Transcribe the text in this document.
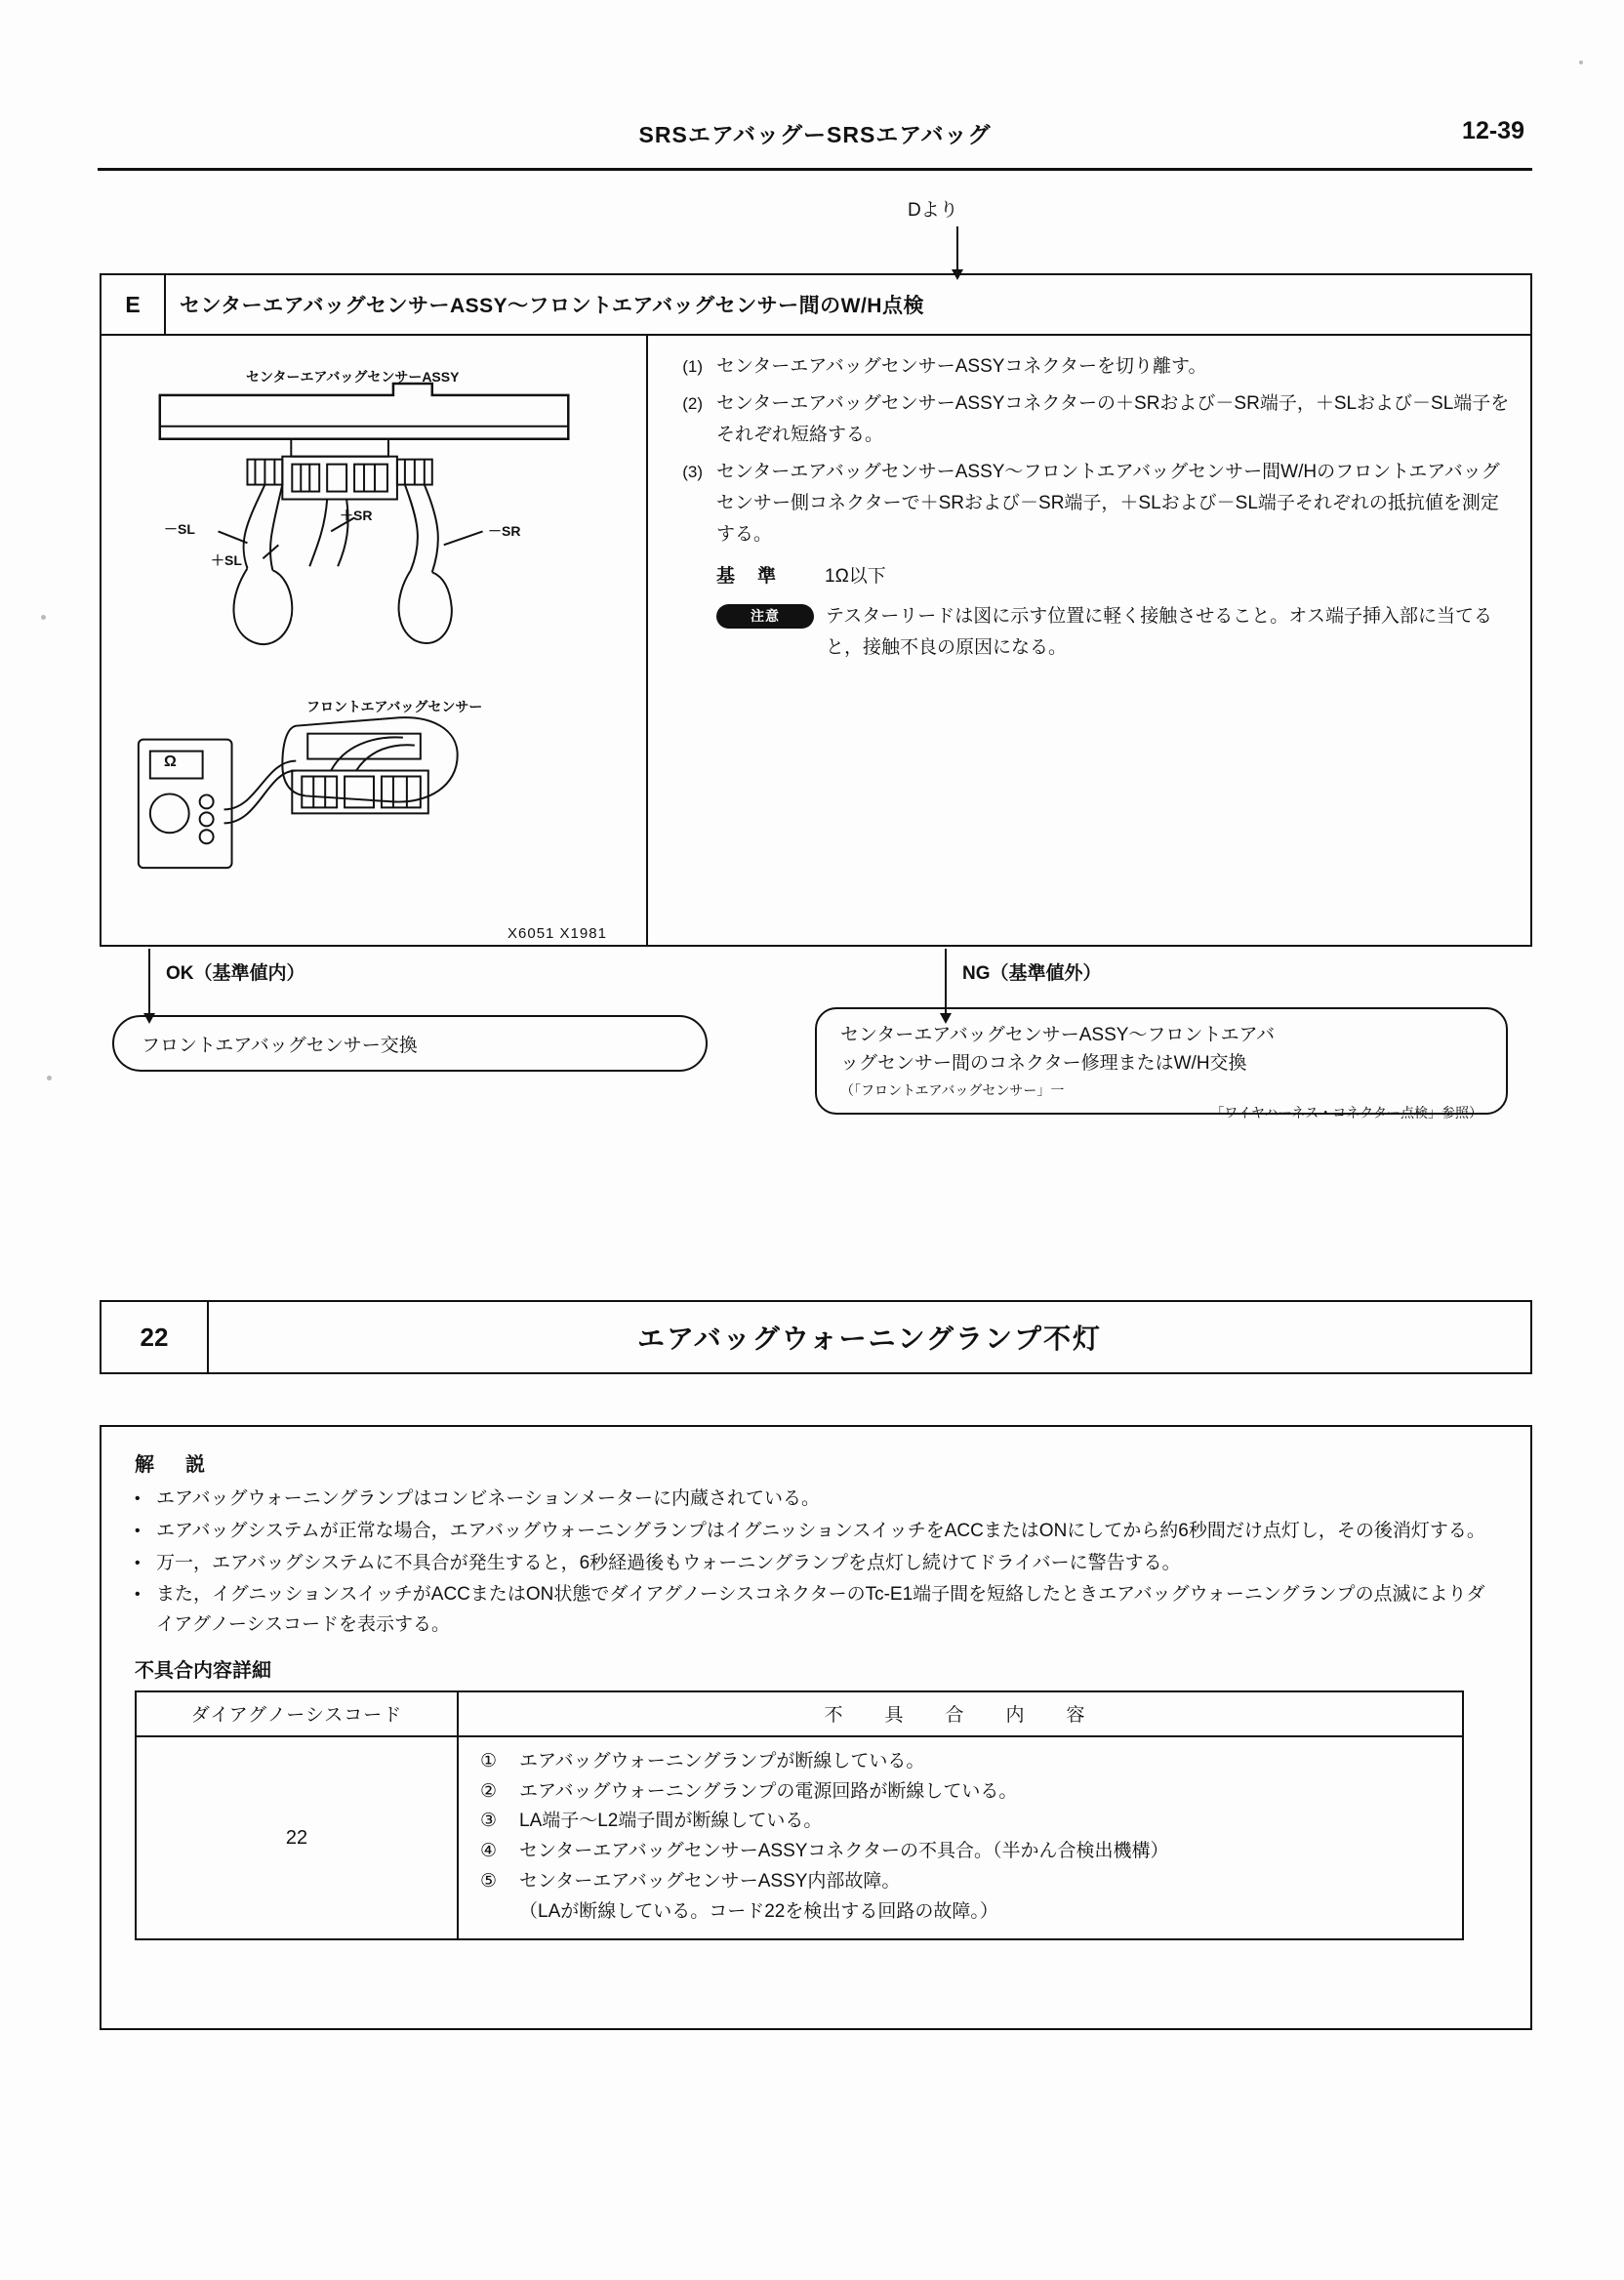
SRSエアバッグーSRSエアバッグ	12-39
Dより
E	センターエアバッグセンサーASSY～フロントエアバッグセンサー間のW/H点検
センターエアバッグセンサーASSY
－SL
＋SR
－SR
＋SL
フロントエアバッグセンサー
Ω
(1) センターエアバッグセンサーASSYコネクターを切り離す。
(2) センターエアバッグセンサーASSYコネクターの＋SRおよび－SR端子，＋SLおよび－SL端子をそれぞれ短絡する。
(3) センターエアバッグセンサーASSY～フロントエアバッグセンサー間W/Hのフロントエアバッグセンサー側コネクターで＋SRおよび－SR端子，＋SLおよび－SL端子それぞれの抵抗値を測定する。
基　準	1Ω以下
注意	テスターリードは図に示す位置に軽く接触させること。オス端子挿入部に当てると，接触不良の原因になる。
X6051 X1981
OK（基準値内）
フロントエアバッグセンサー交換
NG（基準値外）
センターエアバッグセンサーASSY～フロントエアバ
ッグセンサー間のコネクター修理またはW/H交換
（「フロントエアバッグセンサー」一
「ワイヤハーネス・コネクター点検」参照）
22	エアバッグウォーニングランプ不灯
解　説
• エアバッグウォーニングランプはコンビネーションメーターに内蔵されている。
• エアバッグシステムが正常な場合，エアバッグウォーニングランプはイグニッションスイッチをACCまたはONにしてから約6秒間だけ点灯し，その後消灯する。
• 万一，エアバッグシステムに不具合が発生すると，6秒経過後もウォーニングランプを点灯し続けてドライバーに警告する。
• また，イグニッションスイッチがACCまたはON状態でダイアグノーシスコネクターのTc-E1端子間を短絡したときエアバッグウォーニングランプの点滅によりダイアグノーシスコードを表示する。
不具合内容詳細
ダイアグノーシスコード	不　具　合　内　容
22	
①	エアバッグウォーニングランプが断線している。
②	エアバッグウォーニングランプの電源回路が断線している。
③	LA端子～L2端子間が断線している。
④	センターエアバッグセンサーASSYコネクターの不具合。（半かん合検出機構）
⑤	センターエアバッグセンサーASSY内部故障。
（LAが断線している。コード22を検出する回路の故障。）
